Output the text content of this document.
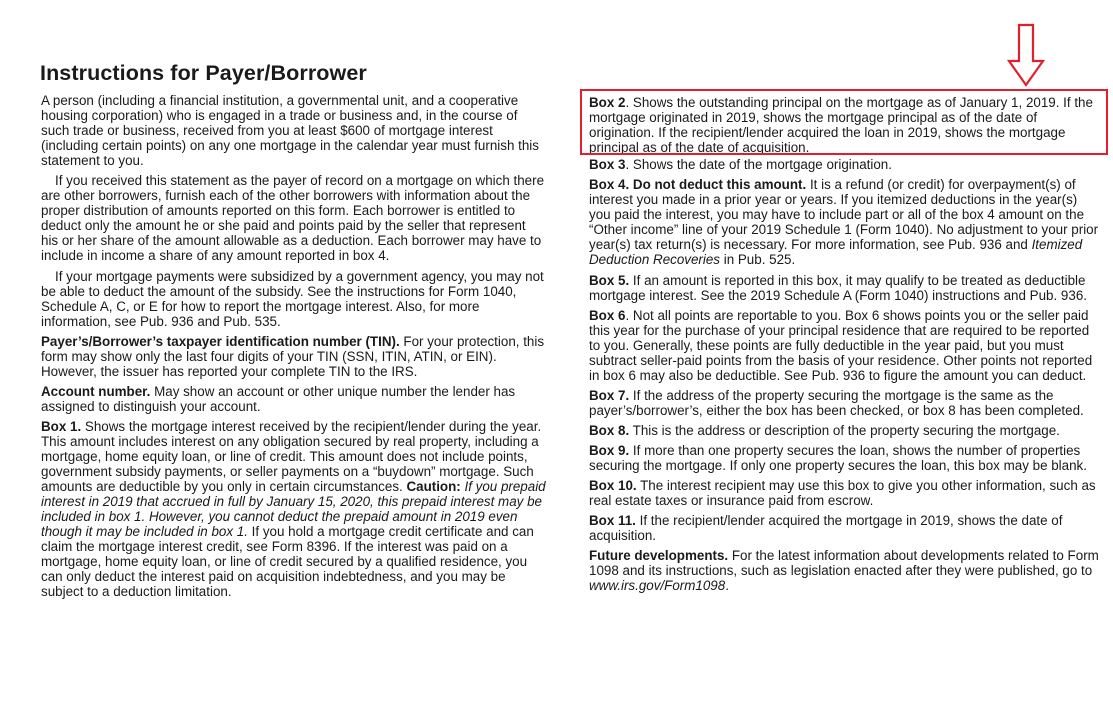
Instructions for Payer/Borrower

A person (including a financial institution, a governmental unit, and a cooperative housing corporation) who is engaged in a trade or business and, in the course of such trade or business, received from you at least $600 of mortgage interest (including certain points) on any one mortgage in the calendar year must furnish this statement to you.

If you received this statement as the payer of record on a mortgage on which there are other borrowers, furnish each of the other borrowers with information about the proper distribution of amounts reported on this form. Each borrower is entitled to deduct only the amount he or she paid and points paid by the seller that represent his or her share of the amount allowable as a deduction. Each borrower may have to include in income a share of any amount reported in box 4.

If your mortgage payments were subsidized by a government agency, you may not be able to deduct the amount of the subsidy. See the instructions for Form 1040, Schedule A, C, or E for how to report the mortgage interest. Also, for more information, see Pub. 936 and Pub. 535.

Payer’s/Borrower’s taxpayer identification number (TIN). For your protection, this form may show only the last four digits of your TIN (SSN, ITIN, ATIN, or EIN). However, the issuer has reported your complete TIN to the IRS.

Account number. May show an account or other unique number the lender has assigned to distinguish your account.

Box 1. Shows the mortgage interest received by the recipient/lender during the year. This amount includes interest on any obligation secured by real property, including a mortgage, home equity loan, or line of credit. This amount does not include points, government subsidy payments, or seller payments on a “buydown” mortgage. Such amounts are deductible by you only in certain circumstances. Caution: If you prepaid interest in 2019 that accrued in full by January 15, 2020, this prepaid interest may be included in box 1. However, you cannot deduct the prepaid amount in 2019 even though it may be included in box 1. If you hold a mortgage credit certificate and can claim the mortgage interest credit, see Form 8396. If the interest was paid on a mortgage, home equity loan, or line of credit secured by a qualified residence, you can only deduct the interest paid on acquisition indebtedness, and you may be subject to a deduction limitation.

Box 2. Shows the outstanding principal on the mortgage as of January 1, 2019. If the mortgage originated in 2019, shows the mortgage principal as of the date of origination. If the recipient/lender acquired the loan in 2019, shows the mortgage principal as of the date of acquisition.

Box 3. Shows the date of the mortgage origination.

Box 4. Do not deduct this amount. It is a refund (or credit) for overpayment(s) of interest you made in a prior year or years. If you itemized deductions in the year(s) you paid the interest, you may have to include part or all of the box 4 amount on the “Other income” line of your 2019 Schedule 1 (Form 1040). No adjustment to your prior year(s) tax return(s) is necessary. For more information, see Pub. 936 and Itemized Deduction Recoveries in Pub. 525.

Box 5. If an amount is reported in this box, it may qualify to be treated as deductible mortgage interest. See the 2019 Schedule A (Form 1040) instructions and Pub. 936.

Box 6. Not all points are reportable to you. Box 6 shows points you or the seller paid this year for the purchase of your principal residence that are required to be reported to you. Generally, these points are fully deductible in the year paid, but you must subtract seller-paid points from the basis of your residence. Other points not reported in box 6 may also be deductible. See Pub. 936 to figure the amount you can deduct.

Box 7. If the address of the property securing the mortgage is the same as the payer’s/borrower’s, either the box has been checked, or box 8 has been completed.

Box 8. This is the address or description of the property securing the mortgage.

Box 9. If more than one property secures the loan, shows the number of properties securing the mortgage. If only one property secures the loan, this box may be blank.

Box 10. The interest recipient may use this box to give you other information, such as real estate taxes or insurance paid from escrow.

Box 11. If the recipient/lender acquired the mortgage in 2019, shows the date of acquisition.

Future developments. For the latest information about developments related to Form 1098 and its instructions, such as legislation enacted after they were published, go to www.irs.gov/Form1098.
